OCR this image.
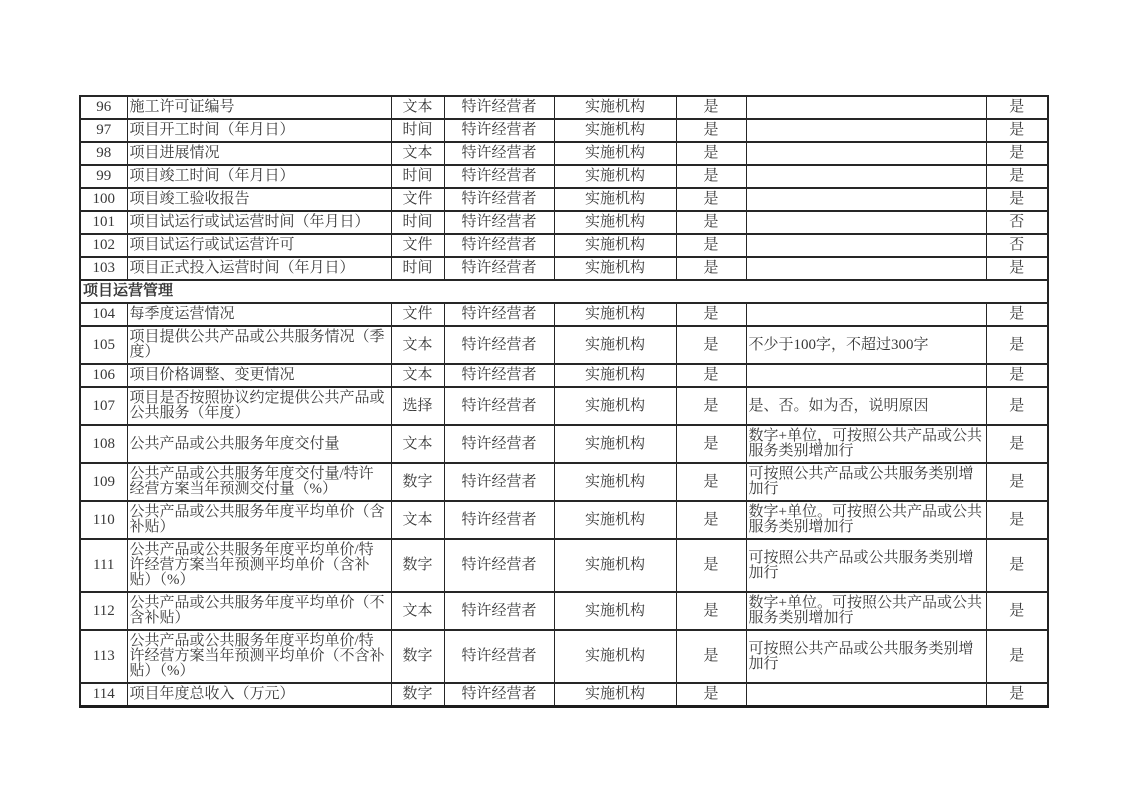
96	施工许可证编号	文本	特许经营者	实施机构	是		是
97	项目开工时间（年月日）	时间	特许经营者	实施机构	是		是
98	项目进展情况	文本	特许经营者	实施机构	是		是
99	项目竣工时间（年月日）	时间	特许经营者	实施机构	是		是
100	项目竣工验收报告	文件	特许经营者	实施机构	是		是
101	项目试运行或试运营时间（年月日）	时间	特许经营者	实施机构	是		否
102	项目试运行或试运营许可	文件	特许经营者	实施机构	是		否
103	项目正式投入运营时间（年月日）	时间	特许经营者	实施机构	是		是
项目运营管理							
104	每季度运营情况	文件	特许经营者	实施机构	是		是
105	项目提供公共产品或公共服务情况（季度）	文本	特许经营者	实施机构	是	不少于100字，不超过300字	是
106	项目价格调整、变更情况	文本	特许经营者	实施机构	是		是
107	项目是否按照协议约定提供公共产品或公共服务（年度）	选择	特许经营者	实施机构	是	是、否。如为否，说明原因	是
108	公共产品或公共服务年度交付量	文本	特许经营者	实施机构	是	数字+单位，可按照公共产品或公共服务类别增加行	是
109	公共产品或公共服务年度交付量/特许经营方案当年预测交付量（%）	数字	特许经营者	实施机构	是	可按照公共产品或公共服务类别增加行	是
110	公共产品或公共服务年度平均单价（含补贴）	文本	特许经营者	实施机构	是	数字+单位。可按照公共产品或公共服务类别增加行	是
111	公共产品或公共服务年度平均单价/特许经营方案当年预测平均单价（含补贴）（%）	数字	特许经营者	实施机构	是	可按照公共产品或公共服务类别增加行	是
112	公共产品或公共服务年度平均单价（不含补贴）	文本	特许经营者	实施机构	是	数字+单位。可按照公共产品或公共服务类别增加行	是
113	公共产品或公共服务年度平均单价/特许经营方案当年预测平均单价（不含补贴）（%）	数字	特许经营者	实施机构	是	可按照公共产品或公共服务类别增加行	是
114	项目年度总收入（万元）	数字	特许经营者	实施机构	是		是
